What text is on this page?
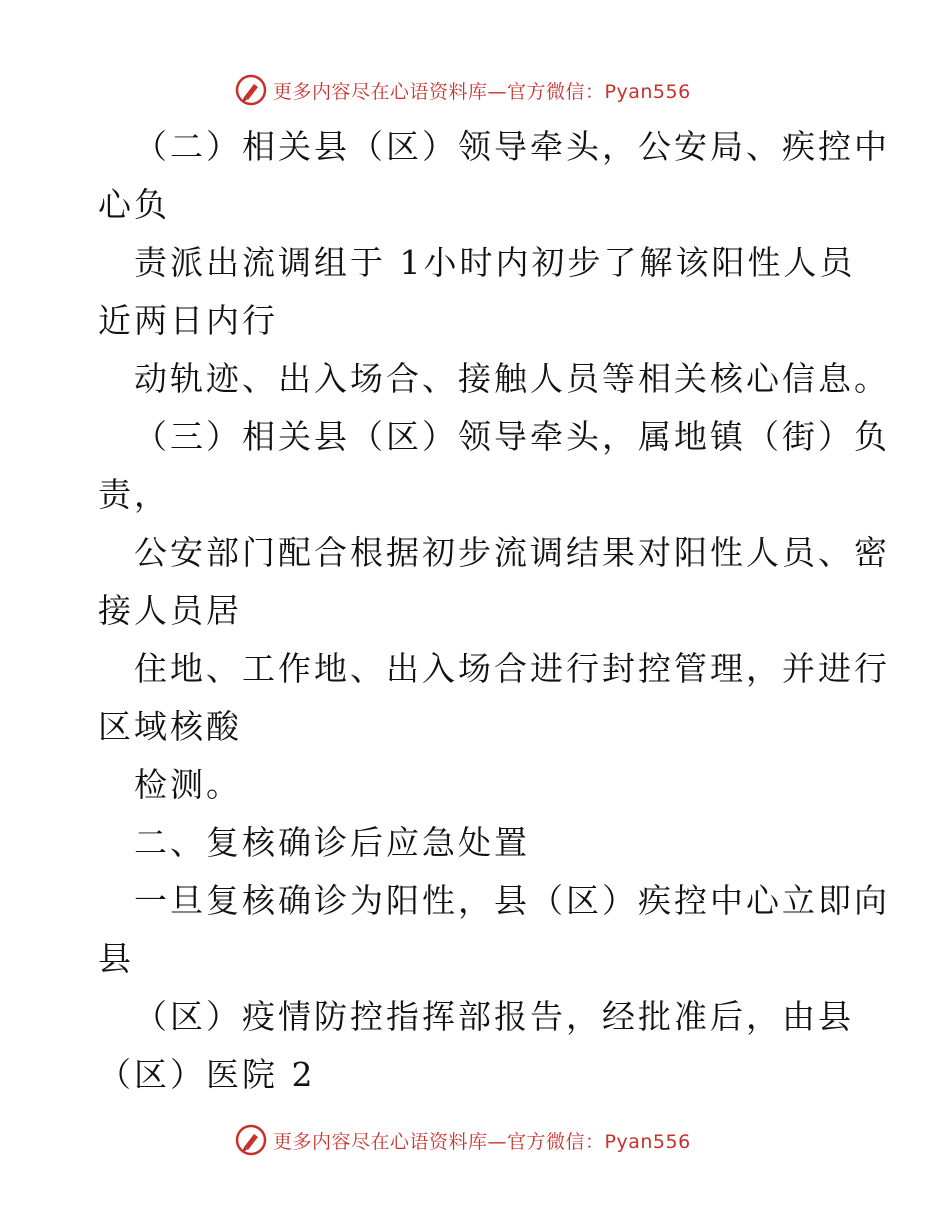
更多内容尽在心语资料库—官方微信：Pyan556
（二）相关县（区）领导牵头，公安局、疾控中
心负
责派出流调组于 1小时内初步了解该阳性人员
近两日内行
动轨迹、出入场合、接触人员等相关核心信息。
（三）相关县（区）领导牵头，属地镇（街）负
责，
公安部门配合根据初步流调结果对阳性人员、密
接人员居
住地、工作地、出入场合进行封控管理，并进行
区域核酸
检测。
二、复核确诊后应急处置
一旦复核确诊为阳性，县（区）疾控中心立即向
县
（区）疫情防控指挥部报告，经批准后，由县
（区）医院 2
更多内容尽在心语资料库—官方微信：Pyan556
